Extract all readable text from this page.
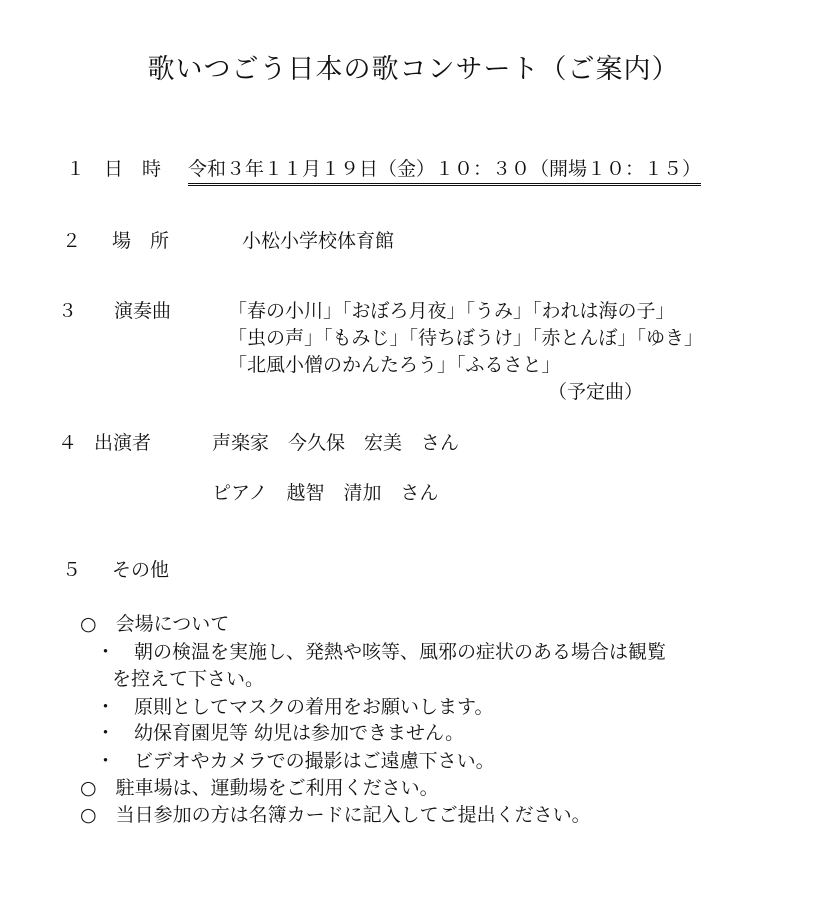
歌いつごう日本の歌コンサート（ご案内）
１ 日　時 令和３年１１月１９日（金）１０：３０（開場１０：１５）
２ 場　所	小松小学校体育館
３ 演奏曲	「春の小川」「おぼろ月夜」「うみ」「われは海の子」
「虫の声」「もみじ」「待ちぼうけ」「赤とんぼ」「ゆき」
「北風小僧のかんたろう」「ふるさと」
（予定曲）
４ 出演者	声楽家　今久保　宏美　さん
ピアノ　越智　清加　さん
５ その他
○　会場について
・　朝の検温を実施し、発熱や咳等、風邪の症状のある場合は観覧
を控えて下さい。
・　原則としてマスクの着用をお願いします。
・　幼保育園児等 幼児は参加できません。
・　ビデオやカメラでの撮影はご遠慮下さい。
○　駐車場は、運動場をご利用ください。
○　当日参加の方は名簿カードに記入してご提出ください。
